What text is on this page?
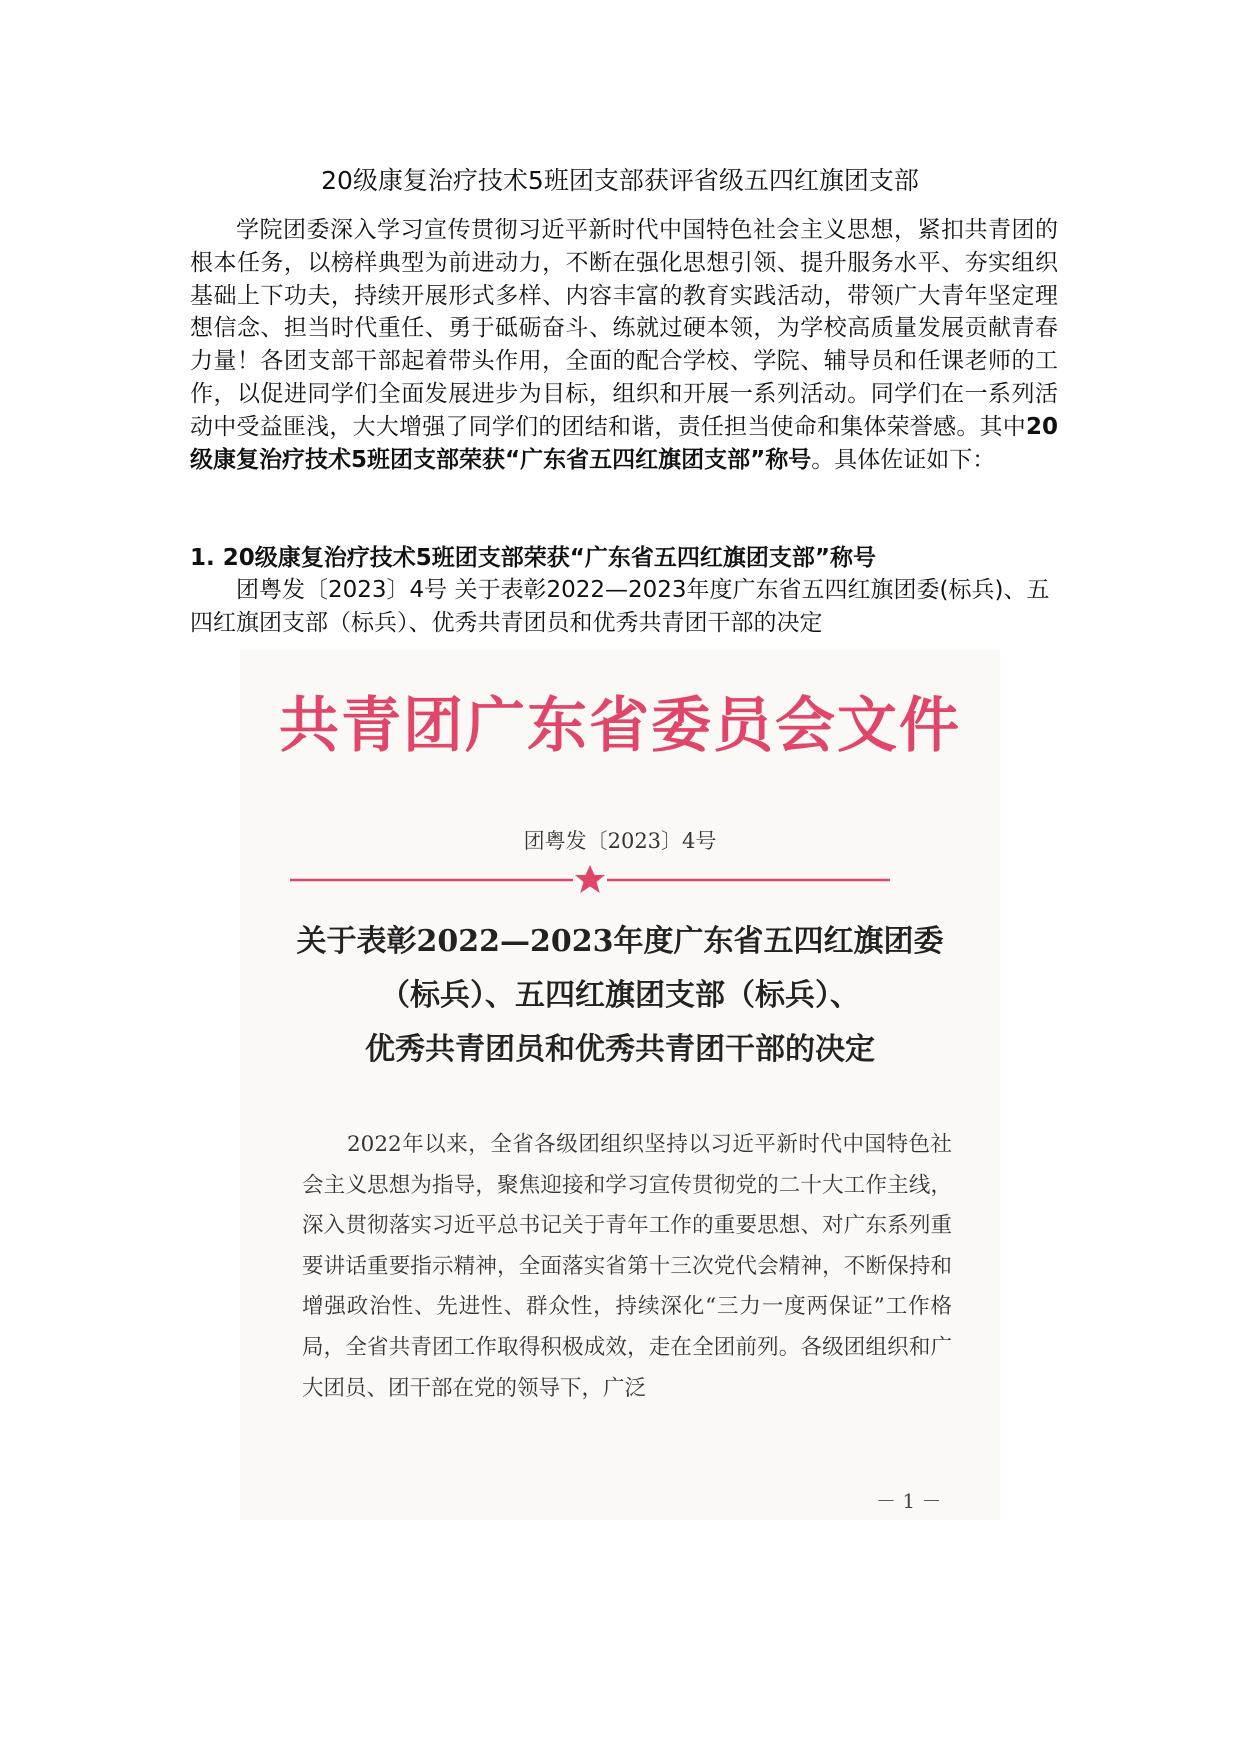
20级康复治疗技术5班团支部获评省级五四红旗团支部

学院团委深入学习宣传贯彻习近平新时代中国特色社会主义思想，紧扣共青团的根本任务，以榜样典型为前进动力，不断在强化思想引领、提升服务水平、夯实组织基础上下功夫，持续开展形式多样、内容丰富的教育实践活动，带领广大青年坚定理想信念、担当时代重任、勇于砥砺奋斗、练就过硬本领，为学校高质量发展贡献青春力量！各团支部干部起着带头作用，全面的配合学校、学院、辅导员和任课老师的工作，以促进同学们全面发展进步为目标，组织和开展一系列活动。同学们在一系列活动中受益匪浅，大大增强了同学们的团结和谐，责任担当使命和集体荣誉感。其中20级康复治疗技术5班团支部荣获“广东省五四红旗团支部”称号。具体佐证如下：

1. 20级康复治疗技术5班团支部荣获“广东省五四红旗团支部”称号

团粤发〔2023〕4号 关于表彰2022—2023年度广东省五四红旗团委(标兵)、五四红旗团支部（标兵）、优秀共青团员和优秀共青团干部的决定

共青团广东省委员会文件
团粤发〔2023〕4号
关于表彰2022—2023年度广东省五四红旗团委
（标兵）、五四红旗团支部（标兵）、
优秀共青团员和优秀共青团干部的决定

2022年以来，全省各级团组织坚持以习近平新时代中国特色社会主义思想为指导，聚焦迎接和学习宣传贯彻党的二十大工作主线，深入贯彻落实习近平总书记关于青年工作的重要思想、对广东系列重要讲话重要指示精神，全面落实省第十三次党代会精神，不断保持和增强政治性、先进性、群众性，持续深化“三力一度两保证”工作格局，全省共青团工作取得积极成效，走在全团前列。各级团组织和广大团员、团干部在党的领导下，广泛

－ 1 －
